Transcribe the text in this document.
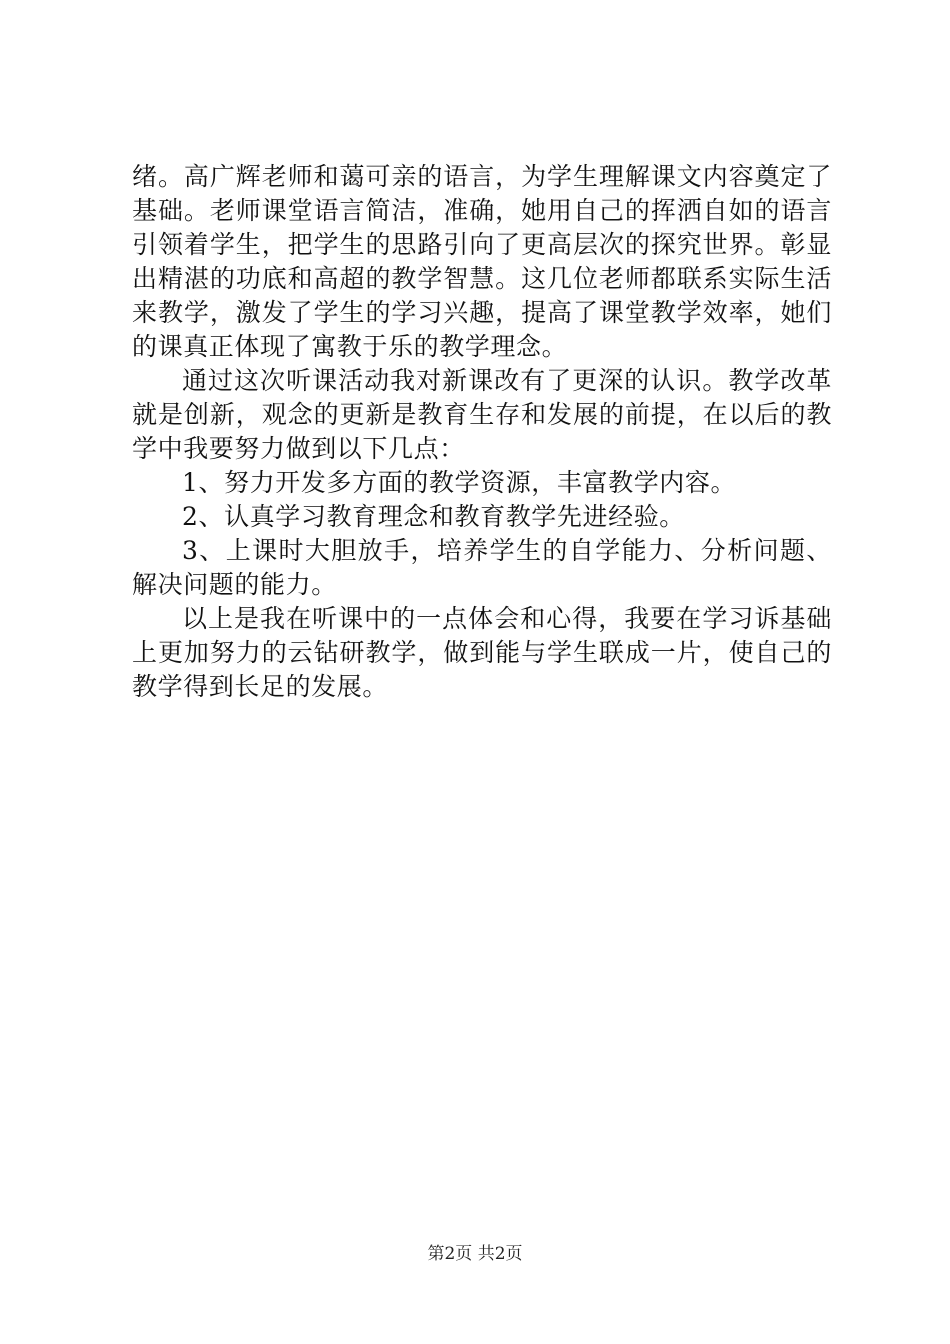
绪。高广辉老师和蔼可亲的语言，为学生理解课文内容奠定了基础。老师课堂语言简洁，准确，她用自己的挥洒自如的语言引领着学生，把学生的思路引向了更高层次的探究世界。彰显出精湛的功底和高超的教学智慧。这几位老师都联系实际生活来教学，激发了学生的学习兴趣，提高了课堂教学效率，她们的课真正体现了寓教于乐的教学理念。

通过这次听课活动我对新课改有了更深的认识。教学改革就是创新，观念的更新是教育生存和发展的前提，在以后的教学中我要努力做到以下几点：

1、努力开发多方面的教学资源，丰富教学内容。

2、认真学习教育理念和教育教学先进经验。

3、上课时大胆放手，培养学生的自学能力、分析问题、解决问题的能力。

以上是我在听课中的一点体会和心得，我要在学习诉基础上更加努力的云钻研教学，做到能与学生联成一片，使自己的教学得到长足的发展。

第2页 共2页
